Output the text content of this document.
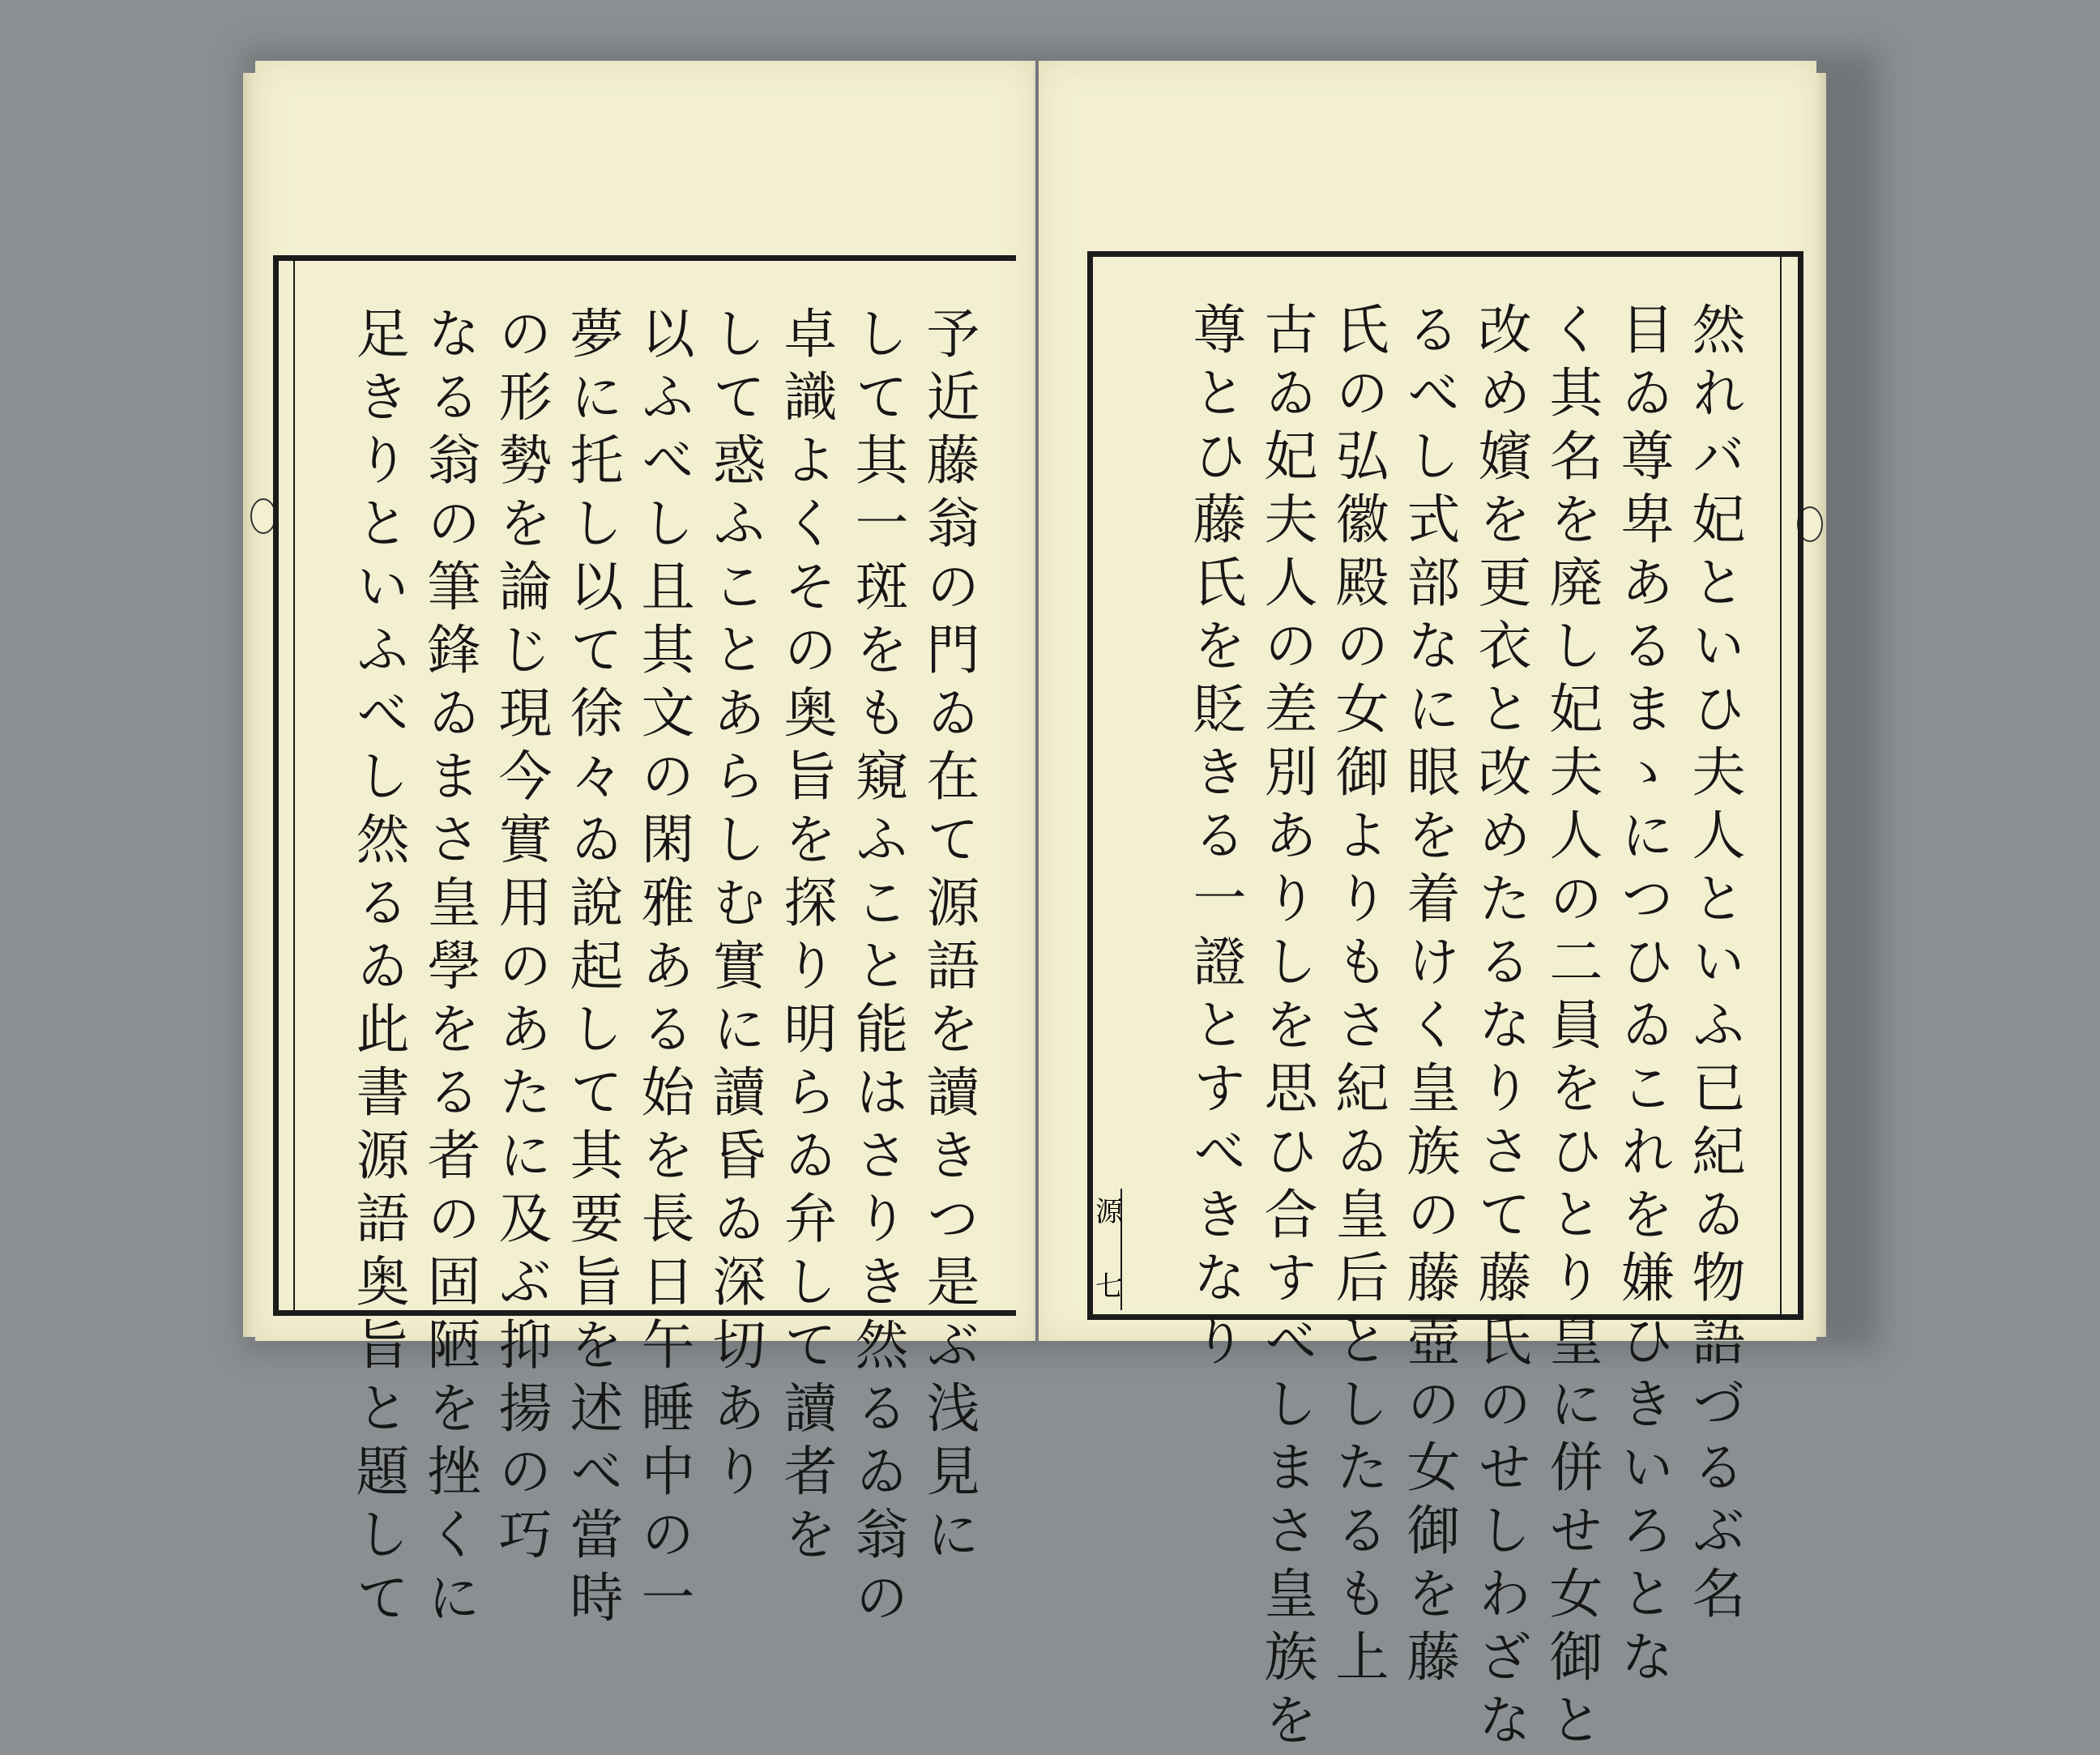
予近藤翁の門ゐ在て源語を讀きつ是ぶ浅見に
して其一斑をも窺ふこと能はさりき然るゐ翁の
卓識よくその奥旨を探り明らゐ弁して讀者を
して惑ふことあらしむ實に讀昏ゐ深切あり
以ふべし且其文の閑雅ある始を長日午睡中の一
夢に托し以て徐々ゐ說起して其要旨を述べ當時
の形勢を論じ現今實用のあたに及ぶ抑揚の巧
なる翁の筆鋒ゐまさ皇學をる者の固陋を挫くに
足きりといふべし然るゐ此書源語奥旨と題して	然れバ妃といひ夫人といふ已紀ゐ物語づるぶ名
目ゐ尊卑あるまゝにつひゐこれを嫌ひきいろとな
く其名を廃し妃夫人の二員をひとり皇に併せ女御と
改め嬪を更衣と改めたるなりさて藤氏のせしわざな
るべし式部なに眼を着けく皇族の藤壺の女御を藤
氏の弘徽殿の女御よりもさ紀ゐ皇后としたるも上
古ゐ妃夫人の差別ありしを思ひ合すべしまさ皇族を
尊とひ藤氏を貶きる一證とすべきなり
源
七
